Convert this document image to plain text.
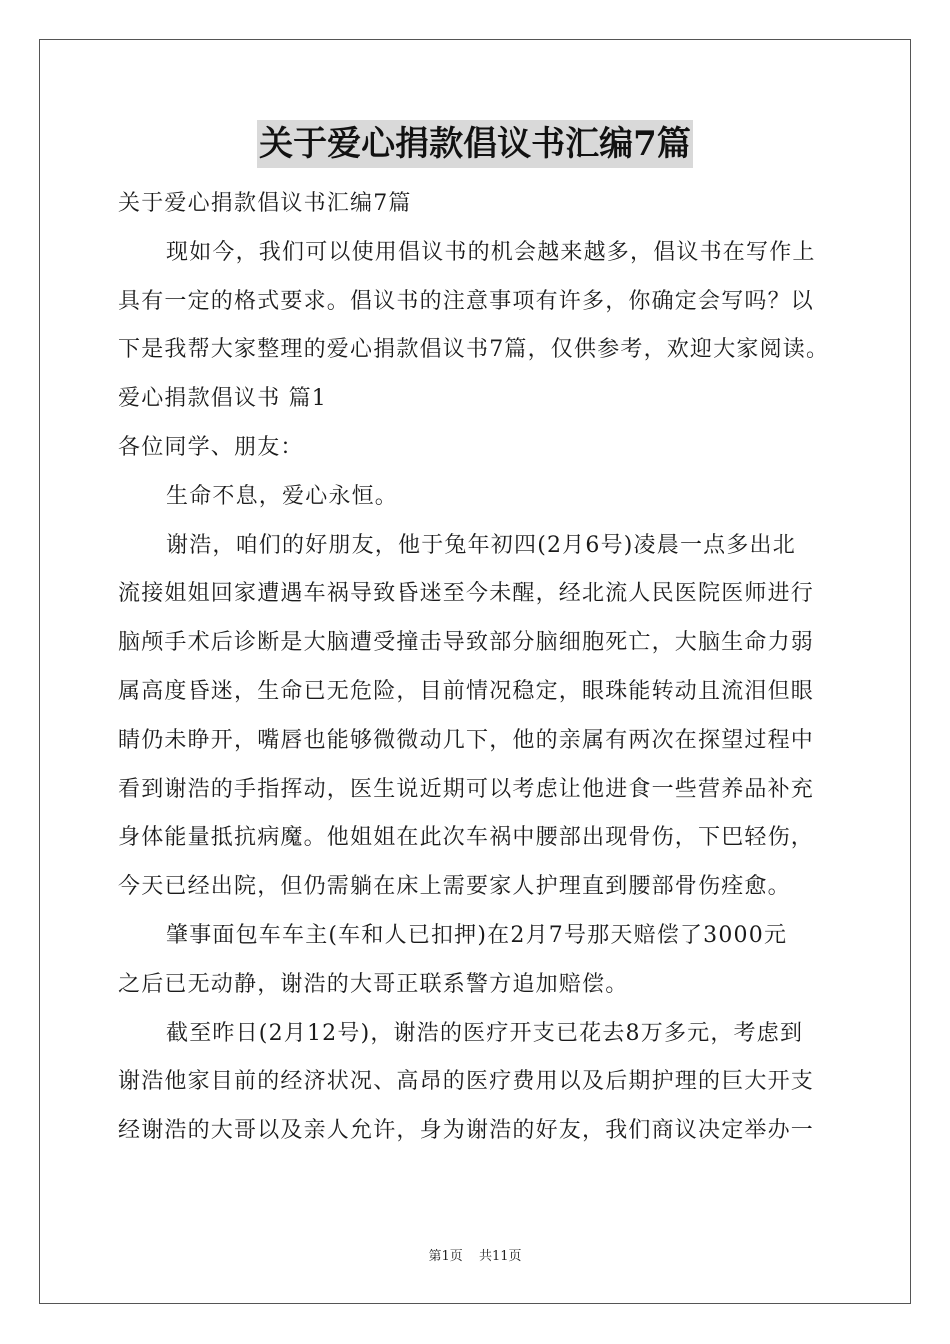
关于爱心捐款倡议书汇编7篇

关于爱心捐款倡议书汇编7篇

现如今，我们可以使用倡议书的机会越来越多，倡议书在写作上

具有一定的格式要求。倡议书的注意事项有许多，你确定会写吗？以

下是我帮大家整理的爱心捐款倡议书7篇，仅供参考，欢迎大家阅读。

爱心捐款倡议书 篇1

各位同学、朋友：

生命不息，爱心永恒。

谢浩，咱们的好朋友，他于兔年初四(2月6号)凌晨一点多出北

流接姐姐回家遭遇车祸导致昏迷至今未醒，经北流人民医院医师进行

脑颅手术后诊断是大脑遭受撞击导致部分脑细胞死亡，大脑生命力弱

属高度昏迷，生命已无危险，目前情况稳定，眼珠能转动且流泪但眼

睛仍未睁开，嘴唇也能够微微动几下，他的亲属有两次在探望过程中

看到谢浩的手指挥动，医生说近期可以考虑让他进食一些营养品补充

身体能量抵抗病魔。他姐姐在此次车祸中腰部出现骨伤，下巴轻伤，

今天已经出院，但仍需躺在床上需要家人护理直到腰部骨伤痊愈。

肇事面包车车主(车和人已扣押)在2月7号那天赔偿了3000元

之后已无动静，谢浩的大哥正联系警方追加赔偿。

截至昨日(2月12号)，谢浩的医疗开支已花去8万多元，考虑到

谢浩他家目前的经济状况、高昂的医疗费用以及后期护理的巨大开支

经谢浩的大哥以及亲人允许，身为谢浩的好友，我们商议决定举办一

第1页 共11页
